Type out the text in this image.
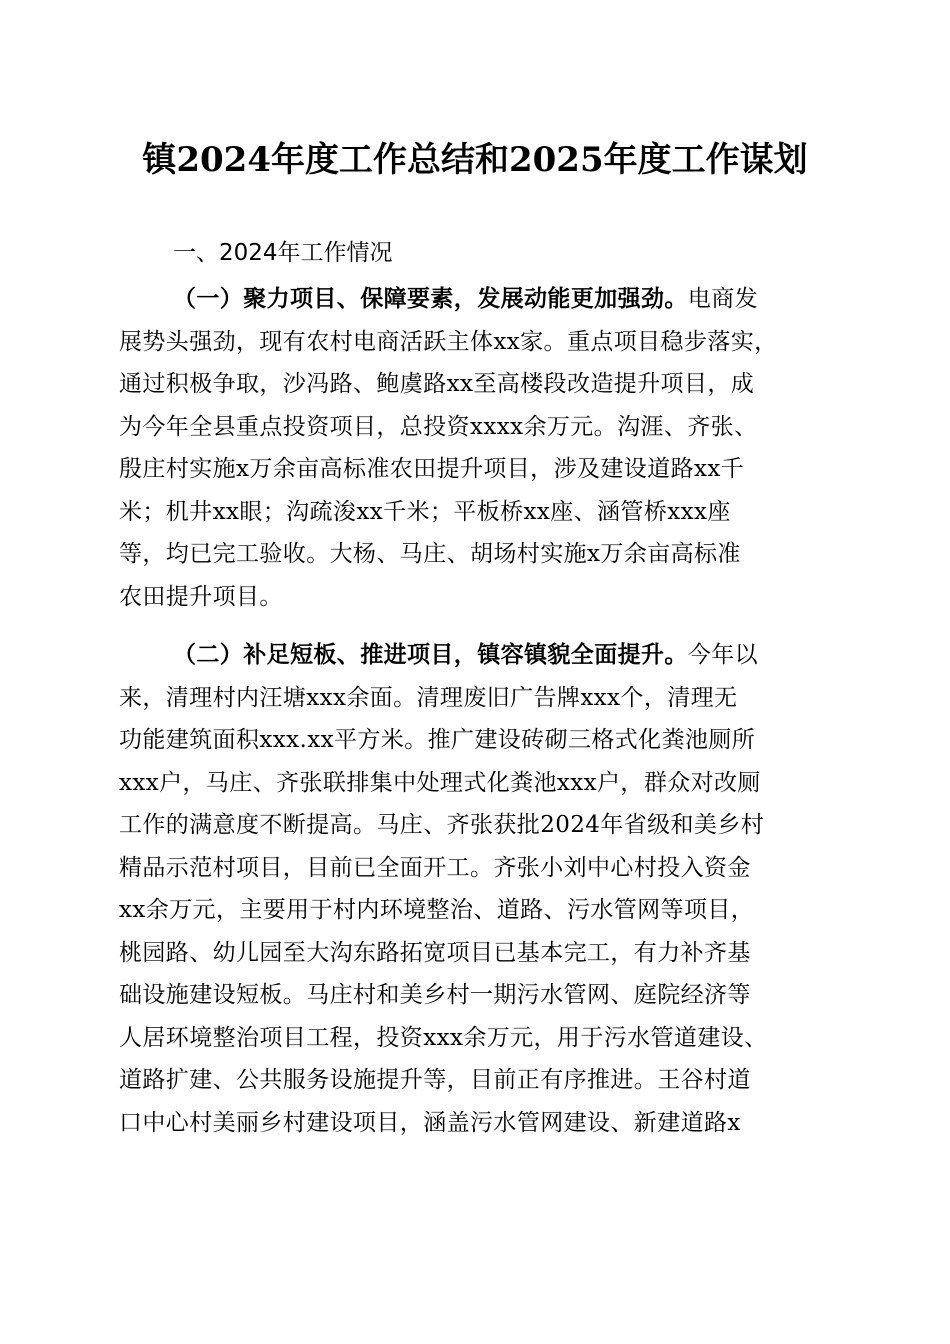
镇2024年度工作总结和2025年度工作谋划
一、2024年工作情况
（一）聚力项目、保障要素，发展动能更加强劲。电商发
展势头强劲，现有农村电商活跃主体xx家。重点项目稳步落实，
通过积极争取，沙冯路、鲍虞路xx至高楼段改造提升项目，成
为今年全县重点投资项目，总投资xxxx余万元。沟涯、齐张、
殷庄村实施x万余亩高标准农田提升项目，涉及建设道路xx千
米；机井xx眼；沟疏浚xx千米；平板桥xx座、涵管桥xxx座
等，均已完工验收。大杨、马庄、胡场村实施x万余亩高标准
农田提升项目。
（二）补足短板、推进项目，镇容镇貌全面提升。今年以
来，清理村内汪塘xxx余面。清理废旧广告牌xxx个，清理无
功能建筑面积xxx.xx平方米。推广建设砖砌三格式化粪池厕所
xxx户，马庄、齐张联排集中处理式化粪池xxx户，群众对改厕
工作的满意度不断提高。马庄、齐张获批2024年省级和美乡村
精品示范村项目，目前已全面开工。齐张小刘中心村投入资金
xx余万元，主要用于村内环境整治、道路、污水管网等项目，
桃园路、幼儿园至大沟东路拓宽项目已基本完工，有力补齐基
础设施建设短板。马庄村和美乡村一期污水管网、庭院经济等
人居环境整治项目工程，投资xxx余万元，用于污水管道建设、
道路扩建、公共服务设施提升等，目前正有序推进。王谷村道
口中心村美丽乡村建设项目，涵盖污水管网建设、新建道路x
